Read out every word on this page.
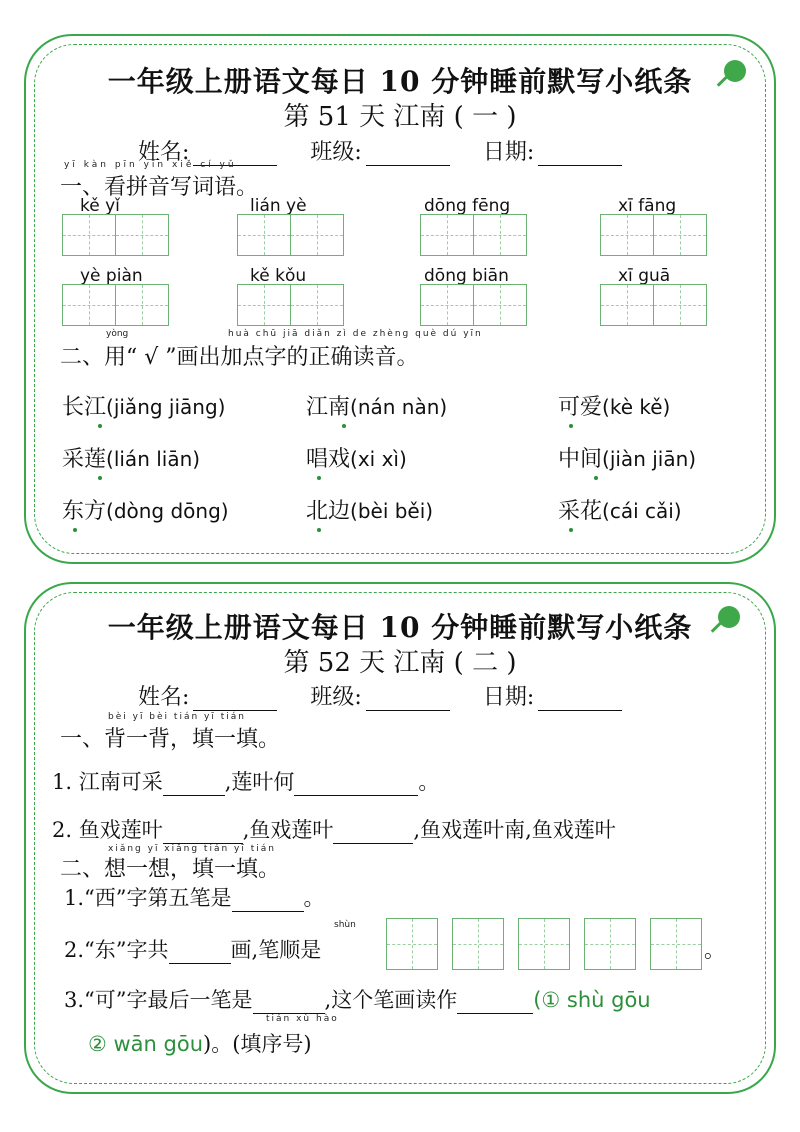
一年级上册语文每日 10 分钟睡前默写小纸条
第 51 天 江南 ( 一 )
姓名:	班级:	日期:
yī kàn pīn yīn xiě cí yǔ
一、看拼音写词语。
kě yǐ	lián yè	dōng fēng	xī fāng
yè piàn	kě kǒu	dōng biān	xī guā
yòng	huà chū jiā diǎn zì de zhèng què dú yīn
二、用“ √ ”画出加点字的正确读音。
长江(jiǎng jiāng)	江南(nán nàn)	可爱(kè kě)
采莲(lián liān)	唱戏(xi xì)	中间(jiàn jiān)
东方(dòng dōng)	北边(bèi běi)	采花(cái cǎi)
一年级上册语文每日 10 分钟睡前默写小纸条
第 52 天 江南 ( 二 )
姓名:	班级:	日期:
bèi yī bèi tián yī tián
一、背一背，填一填。
1. 江南可采	,莲叶何	。
2. 鱼戏莲叶	,鱼戏莲叶	,鱼戏莲叶南,鱼戏莲叶
xiǎng yī xiǎng tián yī tián
二、想一想，填一填。
1.“西”字第五笔是	。
shùn
2.“东”字共	画,笔顺是	。
3.“可”字最后一笔是	,这个笔画读作	(① shù gōu
tián xù hào
② wān gōu)。(填序号)
